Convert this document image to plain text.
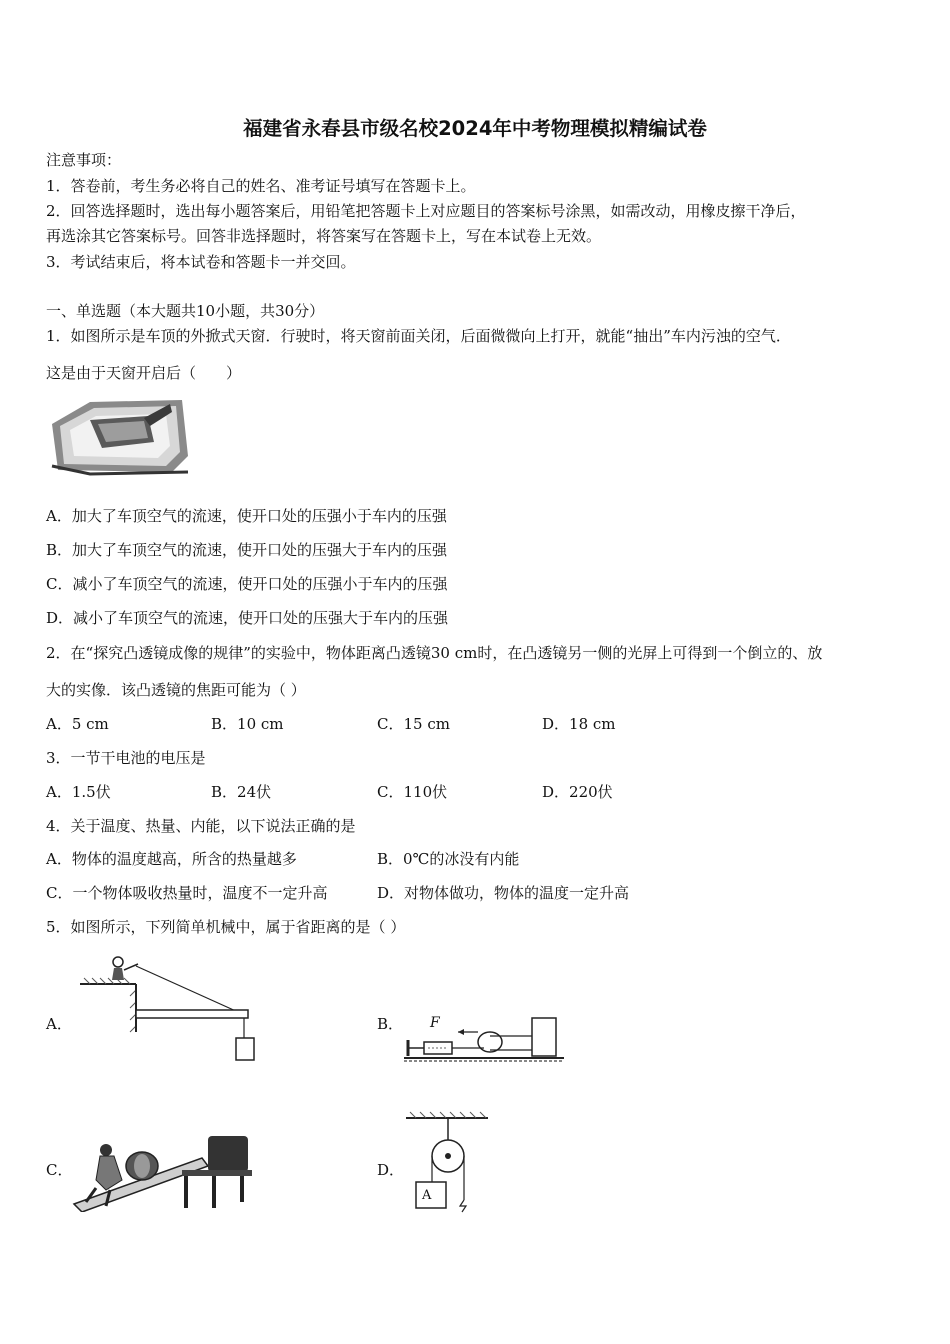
福建省永春县市级名校2024年中考物理模拟精编试卷
注意事项：
1．答卷前，考生务必将自己的姓名、准考证号填写在答题卡上。
2．回答选择题时，选出每小题答案后，用铅笔把答题卡上对应题目的答案标号涂黑，如需改动，用橡皮擦干净后，
再选涂其它答案标号。回答非选择题时，将答案写在答题卡上，写在本试卷上无效。
3．考试结束后，将本试卷和答题卡一并交回。
一、单选题（本大题共10小题，共30分）
1．如图所示是车顶的外掀式天窗．行驶时，将天窗前面关闭，后面微微向上打开，就能“抽出”车内污浊的空气．
这是由于天窗开启后（　　）
A．加大了车顶空气的流速，使开口处的压强小于车内的压强
B．加大了车顶空气的流速，使开口处的压强大于车内的压强
C．减小了车顶空气的流速，使开口处的压强小于车内的压强
D．减小了车顶空气的流速，使开口处的压强大于车内的压强
2．在“探究凸透镜成像的规律”的实验中，物体距离凸透镜30 cm时，在凸透镜另一侧的光屏上可得到一个倒立的、放
大的实像．该凸透镜的焦距可能为（ ）
A．5 cm	B．10 cm	C．15 cm	D．18 cm
3．一节干电池的电压是
A．1.5伏	B．24伏	C．110伏	D．220伏
4．关于温度、热量、内能，以下说法正确的是
A．物体的温度越高，所含的热量越多	B．0℃的冰没有内能
C．一个物体吸收热量时，温度不一定升高	D．对物体做功，物体的温度一定升高
5．如图所示，下列简单机械中，属于省距离的是（ ）
A．	B． F
C．	D．
A
